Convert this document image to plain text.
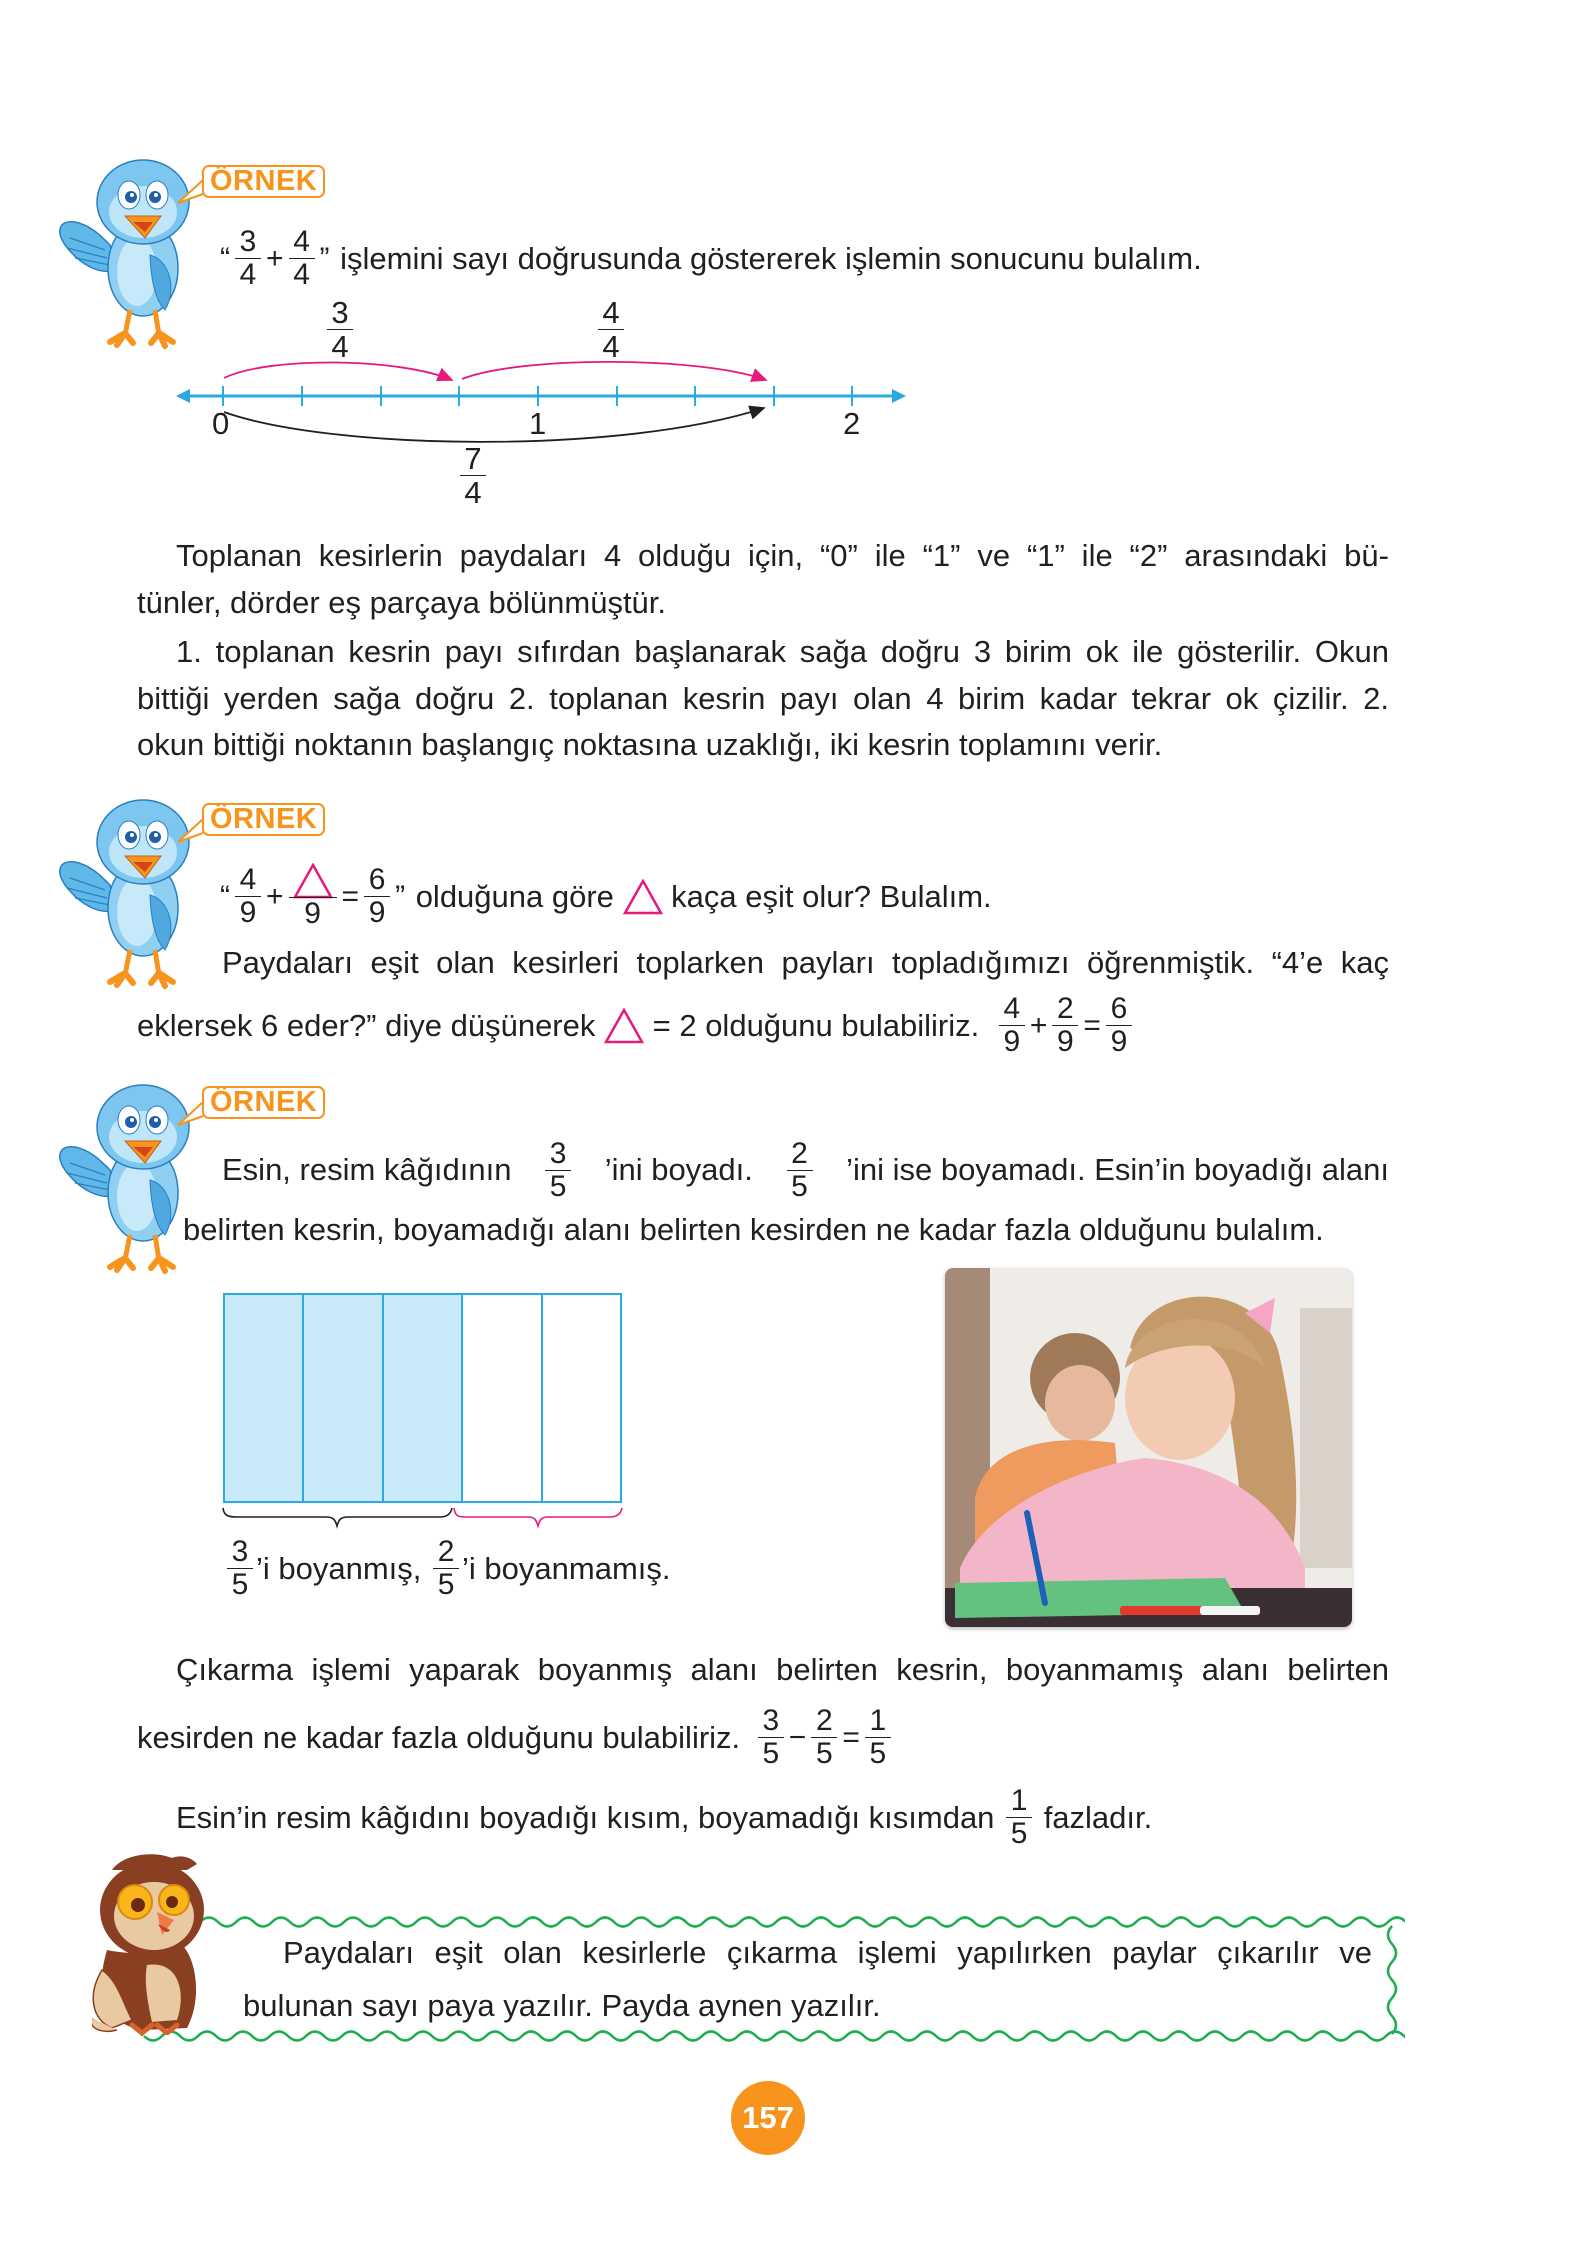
ÖRNEK
“ $\frac{3}{4} + \frac{4}{4}$ ” işlemini sayı doğrusunda göstererek işlemin sonucunu bulalım.
3
4
4
4
0	1	2
7
4
Toplanan kesirlerin paydaları 4 olduğu için, “0” ile “1” ve “1” ile “2” arasındaki bü-
tünler, dörder eş parçaya bölünmüştür.
1. toplanan kesrin payı sıfırdan başlanarak sağa doğru 3 birim ok ile gösterilir. Okun
bittiği yerden sağa doğru 2. toplanan kesrin payı olan 4 birim kadar tekrar ok çizilir. 2.
okun bittiği noktanın başlangıç noktasına uzaklığı, iki kesrin toplamını verir.
ÖRNEK
“ $\frac{4}{9}$ +
9
= $\frac{6}{9}$ ” olduğuna göre kaça eşit olur? Bulalım.
Paydaları eşit olan kesirleri toplarken payları topladığımızı öğrenmiştik. “4’e kaç
eklersek 6 eder?” diye düşünerek = 2 olduğunu bulabiliriz. $\frac{4}{9} + \frac{2}{9} = \frac{6}{9}$
ÖRNEK
Esin, resim kâğıdının $\frac{3}{5}$ ’ini boyadı. $\frac{2}{5}$ ’ini ise boyamadı. Esin’in boyadığı alanı
belirten kesrin, boyamadığı alanı belirten kesirden ne kadar fazla olduğunu bulalım.
$\frac{3}{5}$ ’i boyanmış, $\frac{2}{5}$ ’i boyanmamış.
Çıkarma işlemi yaparak boyanmış alanı belirten kesrin, boyanmamış alanı belirten
kesirden ne kadar fazla olduğunu bulabiliriz. $\frac{3}{5} - \frac{2}{5} = \frac{1}{5}$
Esin’in resim kâğıdını boyadığı kısım, boyamadığı kısımdan $\frac{1}{5}$ fazladır.
Paydaları eşit olan kesirlerle çıkarma işlemi yapılırken paylar çıkarılır ve
bulunan sayı paya yazılır. Payda aynen yazılır.
157
